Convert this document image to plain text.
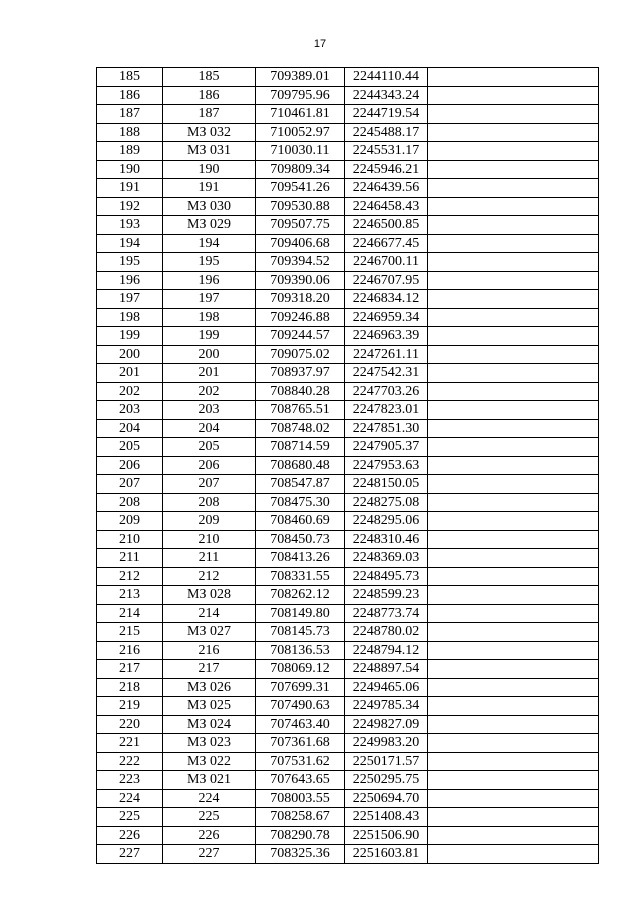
17
185	185	709389.01	2244110.44	
186	186	709795.96	2244343.24	
187	187	710461.81	2244719.54	
188	МЗ 032	710052.97	2245488.17	
189	МЗ 031	710030.11	2245531.17	
190	190	709809.34	2245946.21	
191	191	709541.26	2246439.56	
192	МЗ 030	709530.88	2246458.43	
193	МЗ 029	709507.75	2246500.85	
194	194	709406.68	2246677.45	
195	195	709394.52	2246700.11	
196	196	709390.06	2246707.95	
197	197	709318.20	2246834.12	
198	198	709246.88	2246959.34	
199	199	709244.57	2246963.39	
200	200	709075.02	2247261.11	
201	201	708937.97	2247542.31	
202	202	708840.28	2247703.26	
203	203	708765.51	2247823.01	
204	204	708748.02	2247851.30	
205	205	708714.59	2247905.37	
206	206	708680.48	2247953.63	
207	207	708547.87	2248150.05	
208	208	708475.30	2248275.08	
209	209	708460.69	2248295.06	
210	210	708450.73	2248310.46	
211	211	708413.26	2248369.03	
212	212	708331.55	2248495.73	
213	МЗ 028	708262.12	2248599.23	
214	214	708149.80	2248773.74	
215	МЗ 027	708145.73	2248780.02	
216	216	708136.53	2248794.12	
217	217	708069.12	2248897.54	
218	МЗ 026	707699.31	2249465.06	
219	МЗ 025	707490.63	2249785.34	
220	МЗ 024	707463.40	2249827.09	
221	МЗ 023	707361.68	2249983.20	
222	МЗ 022	707531.62	2250171.57	
223	МЗ 021	707643.65	2250295.75	
224	224	708003.55	2250694.70	
225	225	708258.67	2251408.43	
226	226	708290.78	2251506.90	
227	227	708325.36	2251603.81	
